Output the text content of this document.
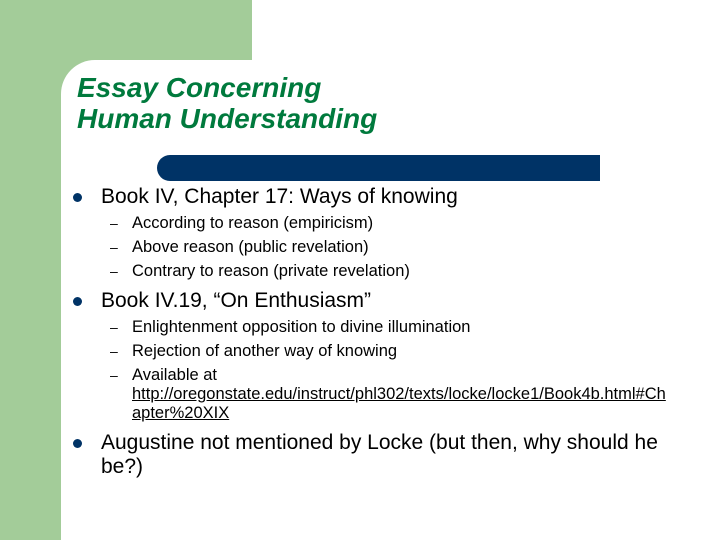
Essay Concerning
Human Understanding
Book IV, Chapter 17: Ways of knowing
– According to reason (empiricism)
– Above reason (public revelation)
– Contrary to reason (private revelation)
Book IV.19, “On Enthusiasm”
– Enlightenment opposition to divine illumination
– Rejection of another way of knowing
– Available at
http://oregonstate.edu/instruct/phl302/texts/locke/locke1/Book4b.html#Chapter%20XIX
Augustine not mentioned by Locke (but then, why should he be?)
